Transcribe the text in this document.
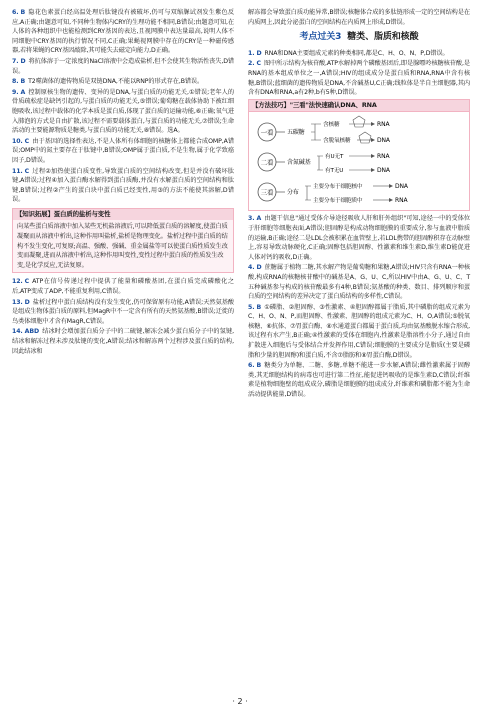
6. B 隐花色素蛋白经高温处理后肽键没有被破坏,仍可与双缩脲试剂发生紫色反应,A正确;由题意可知,不同种生物体内CRY的生理功能不相同,B错误;由题意可知,在人体的各种组织中也能检测到CRY基因的表达,且视网膜中表达量最高,说明人体不同细胞中CRY基因的执行情况不同,C正确;果蝇视网膜中存在的CRY是一种磁传感器,若将果蝇的CRY基因敲除,其可能失去磁定向能力,D正确。

7. D 将抗体溶于一定浓度的NaCl溶液中会造成盐析,但不会使其生物活性丧失,D错误。

8. B T2噬菌体的遗传物质是双链DNA,不能以RNP的形式存在,B错误。

9. A 控制原核生物的遗传、变异的是DNA,与蛋白质的功能无关,①错误;老年人的骨质疏松症是缺钙引起的,与蛋白质的功能无关,⑤错误;葡萄糖在载体协助下被红细胞吸收,该过程中载体的化学本质是蛋白质,体现了蛋白质的运输功能,⑥正确;氧气进入肺泡的方式是自由扩散,该过程不需要载体蛋白,与蛋白质的功能无关,⑦错误;生命活动的主要能源物质是糖类,与蛋白质的功能无关,⑧错误。选A。

10. C 由于基因的选择性表达,不是人体所有体细胞的核糖体上都能合成OMP,A错误;OMP中的氮主要存在于肽键中,B错误;OMP属于蛋白质,不是生物,属于化学致癌因子,D错误。

11. C 过程②加热使蛋白质变性,导致蛋白质的空间结构改变,但是并没有破坏肽键,A错误;过程④加入蛋白酶水解得到蛋白质酶,并没有水解蛋白质的空间结构和肽键,B错误;过程②产生的蛋白块中蛋白质已经变性,用③的方法不能使其溶解,D错误。

【知识拓展】蛋白质的盐析与变性
向某些蛋白质溶液中加入某些无机盐溶液后,可以降低蛋白质的溶解度,使蛋白质凝聚而从溶液中析出,这种作用叫盐析,盐析是物理变化。盐析过程中蛋白质的结构不发生变化,可复原;高温、强酸、强碱、重金属盐等可以使蛋白质性质发生改变而凝聚,进而从溶液中析出,这种作用叫变性,变性过程中蛋白质的性质发生改变,是化学反应,无法复原。

12. C ATP在信号传递过程中提供了能量和磷酸基团,在蛋白质完成磷酸化之后,ATP变成了ADP,不能重复利用,C错误。

13. D 盐析过程中蛋白质结构没有发生变化,仍可保留原有功能,A错误;天然氨基酸是组成生物体蛋白质的原料,但MagR中不一定含有所有的天然氨基酸,B错误;迁徙的鸟类体细胞中才含有MagR,C错误。

14. ABD 结冰时会增加蛋白质分子中的二硫键,解冻会减少蛋白质分子中的氢键,结冰和解冻过程未涉及肽键的变化,A错误;结冰和解冻两个过程涉及蛋白质的结构,因此结冰和

解冻都会导致蛋白质功能异常,B错误;核糖体合成的多肽链形成一定的空间结构是在内质网上,因此分泌蛋白的空间结构在内质网上形成,D错误。

考点过关3 糖类、脂质和核酸

1. D RNA和DNA主要组成元素的种类相同,都是C、H、O、N、P,D错误。

2. C 图中所示结构为核苷酸,ATP水解掉两个磷酸基团后,即是腺嘌呤核糖核苷酸,是RNA的基本组成单位之一,A错误;HIV的组成成分是蛋白质和RNA,RNA中含有核糖,B错误;蓝细菌的遗传物质是DNA,不含碱基U,C正确;线粒体是半自主细胞器,其内含有DNA和RNA,a有2种,b有5种,D错误。

【方法技巧】"三看"法快速确认DNA、RNA
一看
二看
三看
五碳糖
含氮碱基
分布
含核糖	RNA
含脱氧核糖	DNA
有U无T	RNA
有T无U	DNA
主要分布于细胞核中	DNA
主要分布于细胞质中	RNA

3. A 由题干信息"通过受体介导途径吸收人肝和肝外组织"可知,途径一中的受体位于肝细胞等细胞表面,A错误;胆固醇是构成动物细胞膜的重要成分,参与血液中脂质的运输,B正确;途径二是LDL会被积累在血管壁上,若LDL携带的胆固醇积存在动脉壁上,容易导致动脉硬化,C正确;固醇包括胆固醇、性激素和维生素D,维生素D能促进人体对钙的吸收,D正确。

4. D 蔗糖属于植物二糖,其水解产物是葡萄糖和果糖,A错误;HIV只含有RNA一种核酸,构成RNA的核糖核苷酸中的碱基是A、G、U、C,所以HIV中由A、G、U、C、T五种碱基参与构成的核苷酸最多有4种,B错误;氨基酸的种类、数目、排列顺序和蛋白质的空间结构的差异决定了蛋白质结构的多样性,C错误。

5. B ①磷脂、②胆固醇、③性激素、④胆固醇都属于脂质,其中磷脂的组成元素为C、H、O、N、P,而胆固醇、性激素、胆固醇的组成元素为C、H、O,A错误;⑤脱氧核糖、⑥抗体、⑦胃蛋白酶、⑧水通道蛋白都属于蛋白质,均由氨基酸脱水缩合形成,该过程有水产生,B正确;④性激素的受体在细胞内,性激素是脂溶性小分子,通过自由扩散进入细胞后与受体结合并发挥作用,C错误;细胞膜的主要成分是脂质(主要是磷脂和少量的胆固醇)和蛋白质,不含⑦脂肪和⑧胃蛋白酶,D错误。

6. B 糖类分为单糖、二糖、多糖,单糖不能进一步水解,A错误;雌性激素属于固醇类,其无细胞结构的病毒也可进行第二性征,能促进钙吸收的是维生素D,C错误;纤维素是植物细胞壁的组成成分,磷脂是细胞膜的组成成分,纤维素和磷脂都不能为生命活动提供能量,D错误。

· 2 ·
